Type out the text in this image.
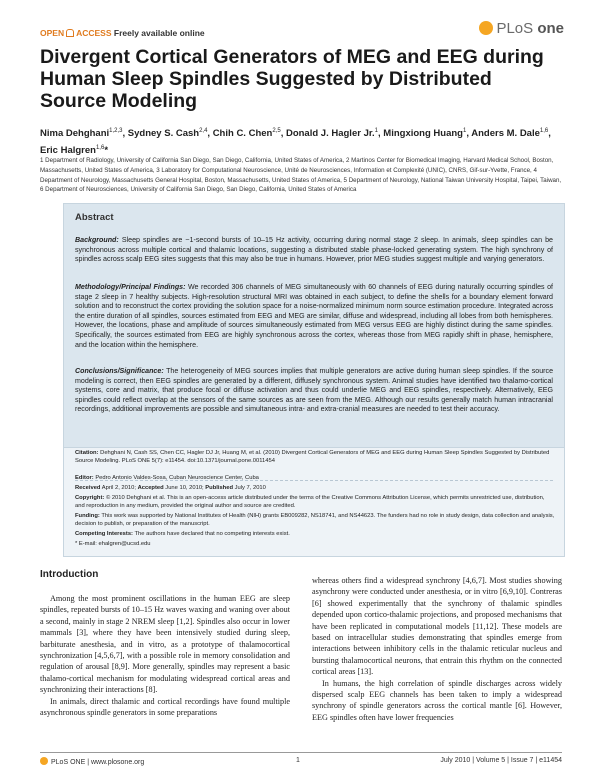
OPEN ACCESS Freely available online	PLoS one
Divergent Cortical Generators of MEG and EEG during Human Sleep Spindles Suggested by Distributed Source Modeling
Nima Dehghani$^{1,2,3}$, Sydney S. Cash$^{2,4}$, Chih C. Chen$^{2,5}$, Donald J. Hagler Jr.$^1$, Mingxiong Huang$^1$, Anders M. Dale$^{1,6}$, Eric Halgren$^{1,6}$*
1 Department of Radiology, University of California San Diego, San Diego, California, United States of America, 2 Martinos Center for Biomedical Imaging, Harvard Medical School, Boston, Massachusetts, United States of America, 3 Laboratory for Computational Neuroscience, Unité de Neurosciences, Information et Complexité (UNIC), CNRS, Gif-sur-Yvette, France, 4 Department of Neurology, Massachusetts General Hospital, Boston, Massachusetts, United States of America, 5 Department of Neurology, National Taiwan University Hospital, Taipei, Taiwan, 6 Department of Neurosciences, University of California San Diego, San Diego, California, United States of America
Abstract
Background: Sleep spindles are ~1-second bursts of 10–15 Hz activity, occurring during normal stage 2 sleep. In animals, sleep spindles can be synchronous across multiple cortical and thalamic locations, suggesting a distributed stable phase-locked generating system. The high synchrony of spindles across scalp EEG sites suggests that this may also be true in humans. However, prior MEG studies suggest multiple and varying generators.
Methodology/Principal Findings: We recorded 306 channels of MEG simultaneously with 60 channels of EEG during naturally occurring spindles of stage 2 sleep in 7 healthy subjects. High-resolution structural MRI was obtained in each subject, to define the shells for a boundary element forward solution and to reconstruct the cortex providing the solution space for a noise-normalized minimum norm source estimation procedure. Integrated across the entire duration of all spindles, sources estimated from EEG and MEG are similar, diffuse and widespread, including all lobes from both hemispheres. However, the locations, phase and amplitude of sources simultaneously estimated from MEG versus EEG are highly distinct during the same spindles. Specifically, the sources estimated from EEG are highly synchronous across the cortex, whereas those from MEG rapidly shift in phase, hemisphere, and the location within the hemisphere.
Conclusions/Significance: The heterogeneity of MEG sources implies that multiple generators are active during human sleep spindles. If the source modeling is correct, then EEG spindles are generated by a different, diffusely synchronous system. Animal studies have identified two thalamo-cortical systems, core and matrix, that produce focal or diffuse activation and thus could underlie MEG and EEG spindles, respectively. Alternatively, EEG spindles could reflect overlap at the sensors of the same sources as are seen from the MEG. Although our results generally match human intracranial recordings, additional improvements are possible and simultaneous intra- and extra-cranial measures are needed to test their accuracy.
Citation: Dehghani N, Cash SS, Chen CC, Hagler DJ Jr, Huang M, et al. (2010) Divergent Cortical Generators of MEG and EEG during Human Sleep Spindles Suggested by Distributed Source Modeling. PLoS ONE 5(7): e11454. doi:10.1371/journal.pone.0011454
Editor: Pedro Antonio Valdes-Sosa, Cuban Neuroscience Center, Cuba
Received April 2, 2010; Accepted June 10, 2010; Published July 7, 2010
Copyright: © 2010 Dehghani et al. This is an open-access article distributed under the terms of the Creative Commons Attribution License, which permits unrestricted use, distribution, and reproduction in any medium, provided the original author and source are credited.
Funding: This work was supported by National Institutes of Health (NIH) grants EB009282, NS18741, and NS44623. The funders had no role in study design, data collection and analysis, decision to publish, or preparation of the manuscript.
Competing Interests: The authors have declared that no competing interests exist.
* E-mail: ehalgren@ucsd.edu
Introduction

Among the most prominent oscillations in the human EEG are sleep spindles, repeated bursts of 10–15 Hz waves waxing and waning over about a second, mainly in stage 2 NREM sleep [1,2]. Spindles also occur in lower mammals [3], where they have been intensively studied during sleep, barbiturate anesthesia, and in vitro, as a prototype of thalamocortical synchronization [4,5,6,7], with a possible role in memory consolidation and regulation of arousal [8,9]. More generally, spindles may represent a basic thalamo-cortical mechanism for modulating widespread cortical areas and synchronizing their interactions [8].

In animals, direct thalamic and cortical recordings have found multiple asynchronous spindle generators in some preparations

whereas others find a widespread synchrony [4,6,7]. Most studies showing asynchrony were conducted under anesthesia, or in vitro [6,9,10]. Contreras [6] showed experimentally that the synchrony of thalamic spindles depended upon cortico-thalamic projections, and proposed mechanisms that have been replicated in computational models [11,12]. These models are based on intracellular studies demonstrating that spindles emerge from interactions between inhibitory cells in the thalamic reticular nucleus and bursting thalamocortical neurons, that entrain this rhythm on the connected cortical areas [13].

In humans, the high correlation of spindle discharges across widely dispersed scalp EEG channels has been taken to imply a widespread synchrony of spindle generators across the cortical mantle [6]. However, EEG spindles often have lower frequencies

PLoS ONE | www.plosone.org	1	July 2010 | Volume 5 | Issue 7 | e11454
